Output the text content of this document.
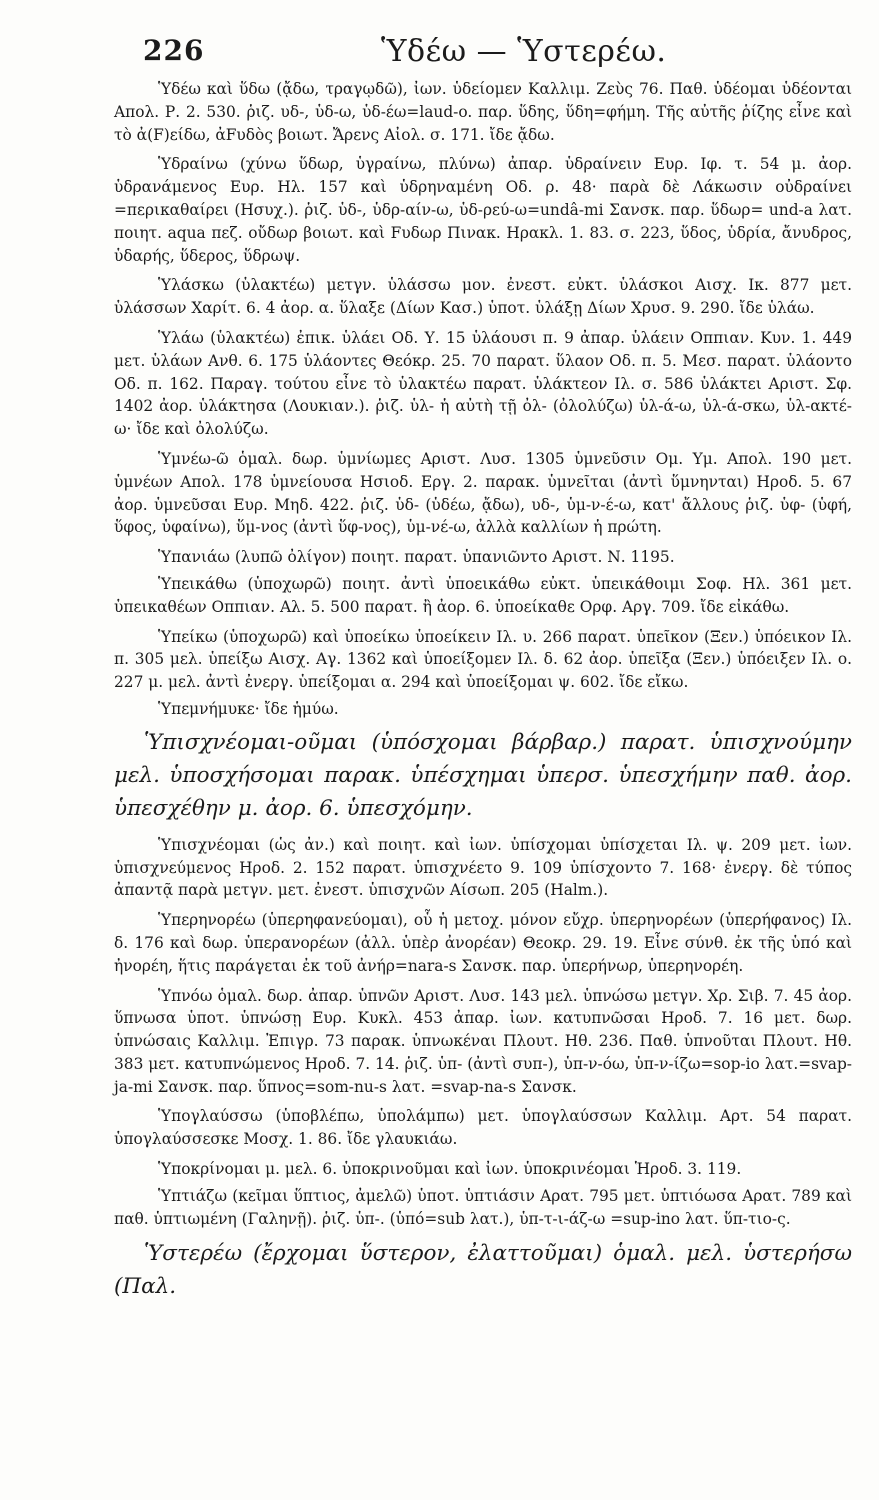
226	Ὑδέω — Ὑστερέω.

Ὑδέω καὶ ὕδω (ᾄδω, τραγῳδῶ), ἰων. ὑδείομεν Καλλιμ. Ζεὺς 76. Παθ. ὑδέομαι ὑδέονται Απολ. Ρ. 2. 530. ῥιζ. υδ-, ὑδ-ω, ὑδ-έω=laud-o. παρ. ὕδης, ὕδη=φήμη. Τῆς αὐτῆς ῥίζης εἶνε καὶ τὸ ἀ(F)είδω, ἀFυδὸς βοιωτ. Ἄρενς Αἰολ. σ. 171. ἴδε ᾄδω.

Ὑδραίνω (χύνω ὕδωρ, ὑγραίνω, πλύνω) ἀπαρ. ὑδραίνειν Ευρ. Ιφ. τ. 54 μ. ἀορ. ὑδρανάμενος Ευρ. Ηλ. 157 καὶ ὑδρηναμένη Οδ. ρ. 48· παρὰ δὲ Λάκωσιν οὐδραίνει =περικαθαίρει (Ησυχ.). ῥιζ. ὑδ-, ὑδρ-αίν-ω, ὑδ-ρεύ-ω=undâ-mi Σανσκ. παρ. ὕδωρ= und-a λατ. ποιητ. aqua πεζ. οὔδωρ βοιωτ. καὶ Fυδωρ Πινακ. Ηρακλ. 1. 83. σ. 223, ὕδος, ὑδρία, ἄνυδρος, ὑδαρής, ὕδερος, ὕδρωψ.

Ὑλάσκω (ὑλακτέω) μετγν. ὑλάσσω μον. ἐνεστ. εὐκτ. ὑλάσκοι Αισχ. Ικ. 877 μετ. ὑλάσσων Χαρίτ. 6. 4 ἀορ. α. ὕλαξε (Δίων Κασ.) ὑποτ. ὑλάξῃ Δίων Χρυσ. 9. 290. ἴδε ὑλάω.

Ὑλάω (ὑλακτέω) ἐπικ. ὑλάει Οδ. Υ. 15 ὑλάουσι π. 9 ἀπαρ. ὑλάειν Οππιαν. Κυν. 1. 449 μετ. ὑλάων Ανθ. 6. 175 ὑλάοντες Θεόκρ. 25. 70 παρατ. ὕλαον Οδ. π. 5. Μεσ. παρατ. ὑλάοντο Οδ. π. 162. Παραγ. τούτου εἶνε τὸ ὑλακτέω παρατ. ὑλάκτεον Ιλ. σ. 586 ὑλάκτει Αριστ. Σφ. 1402 ἀορ. ὑλάκτησα (Λουκιαν.). ῥιζ. ὑλ- ἡ αὐτὴ τῇ ὀλ- (ὀλολύζω) ὑλ-ά-ω, ὑλ-ά-σκω, ὑλ-ακτέ-ω· ἴδε καὶ ὀλολύζω.

Ὑμνέω-ῶ ὁμαλ. δωρ. ὑμνίωμες Αριστ. Λυσ. 1305 ὑμνεῦσιν Ομ. Υμ. Απολ. 190 μετ. ὑμνέων Απολ. 178 ὑμνείουσα Ησιοδ. Εργ. 2. παρακ. ὑμνεῖται (ἀντὶ ὕμνηνται) Ηροδ. 5. 67 ἀορ. ὑμνεῦσαι Ευρ. Μηδ. 422. ῥιζ. ὑδ- (ὑδέω, ᾄδω), υδ-, ὑμ-ν-έ-ω, κατ' ἄλλους ῥιζ. ὑφ- (ὑφή, ὕφος, ὑφαίνω), ὕμ-νος (ἀντὶ ὕφ-νος), ὑμ-νέ-ω, ἀλλὰ καλλίων ἡ πρώτη.

Ὑπανιάω (λυπῶ ὀλίγον) ποιητ. παρατ. ὑπανιῶντο Αριστ. Ν. 1195.

Ὑπεικάθω (ὑποχωρῶ) ποιητ. ἀντὶ ὑποεικάθω εὐκτ. ὑπεικάθοιμι Σοφ. Ηλ. 361 μετ. ὑπεικαθέων Οππιαν. Αλ. 5. 500 παρατ. ἢ ἀορ. 6. ὑποείκαθε Ορφ. Αργ. 709. ἴδε εἰκάθω.

Ὑπείκω (ὑποχωρῶ) καὶ ὑποείκω ὑποείκειν Ιλ. υ. 266 παρατ. ὑπεῖκον (Ξεν.) ὑπόεικον Ιλ. π. 305 μελ. ὑπείξω Αισχ. Αγ. 1362 καὶ ὑποείξομεν Ιλ. δ. 62 ἀορ. ὑπεῖξα (Ξεν.) ὑπόειξεν Ιλ. ο. 227 μ. μελ. ἀντὶ ἐνεργ. ὑπείξομαι α. 294 καὶ ὑποείξομαι ψ. 602. ἴδε εἴκω.

Ὑπεμνήμυκε· ἴδε ἡμύω.

Ὑπισχνέομαι-οῦμαι (ὑπόσχομαι βάρβαρ.) παρατ. ὑπισχνούμην μελ. ὑποσχήσομαι παρακ. ὑπέσχημαι ὑπερσ. ὑπεσχήμην παθ. ἀορ. ὑπεσχέθην μ. ἀορ. 6. ὑπεσχόμην.

Ὑπισχνέομαι (ὡς ἀν.) καὶ ποιητ. καὶ ἰων. ὑπίσχομαι ὑπίσχεται Ιλ. ψ. 209 μετ. ἰων. ὑπισχνεύμενος Ηροδ. 2. 152 παρατ. ὑπισχνέετο 9. 109 ὑπίσχοντο 7. 168· ἐνεργ. δὲ τύπος ἀπαντᾷ παρὰ μετγν. μετ. ἐνεστ. ὑπισχνῶν Αίσωπ. 205 (Halm.).

Ὑπερηνορέω (ὑπερηφανεύομαι), οὗ ἡ μετοχ. μόνον εὔχρ. ὑπερηνορέων (ὑπερήφανος) Ιλ. δ. 176 καὶ δωρ. ὑπερανορέων (ἀλλ. ὑπὲρ ἀνορέαν) Θεοκρ. 29. 19. Εἶνε σύνθ. ἐκ τῆς ὑπό καὶ ἠνορέη, ἥτις παράγεται ἐκ τοῦ ἀνήρ=nara-s Σανσκ. παρ. ὑπερήνωρ, ὑπερηνορέη.

Ὑπνόω ὁμαλ. δωρ. ἀπαρ. ὑπνῶν Αριστ. Λυσ. 143 μελ. ὑπνώσω μετγν. Χρ. Σιβ. 7. 45 ἀορ. ὕπνωσα ὑποτ. ὑπνώσῃ Ευρ. Κυκλ. 453 ἀπαρ. ἰων. κατυπνῶσαι Ηροδ. 7. 16 μετ. δωρ. ὑπνώσαις Καλλιμ. Ἐπιγρ. 73 παρακ. ὑπνωκέναι Πλουτ. Ηθ. 236. Παθ. ὑπνοῦται Πλουτ. Ηθ. 383 μετ. κατυπνώμενος Ηροδ. 7. 14. ῥιζ. ὑπ- (ἀντὶ συπ-), ὑπ-ν-όω, ὑπ-ν-ίζω=sop-io λατ.=svap-ja-mi Σανσκ. παρ. ὕπνος=som-nu-s λατ. =svap-na-s Σανσκ.

Ὑπογλαύσσω (ὑποβλέπω, ὑπολάμπω) μετ. ὑπογλαύσσων Καλλιμ. Αρτ. 54 παρατ. ὑπογλαύσσεσκε Μοσχ. 1. 86. ἴδε γλαυκιάω.

Ὑποκρίνομαι μ. μελ. 6. ὑποκρινοῦμαι καὶ ἰων. ὑποκρινέομαι Ἡροδ. 3. 119.

Ὑπτιάζω (κεῖμαι ὕπτιος, ἀμελῶ) ὑποτ. ὑπτιάσιν Αρατ. 795 μετ. ὑπτιόωσα Αρατ. 789 καὶ παθ. ὑπτιωμένη (Γαληνῇ). ῥιζ. ὑπ-. (ὑπό=sub λατ.), ὑπ-τ-ι-άζ-ω =sup-ino λατ. ὕπ-τιο-ς.

Ὑστερέω (ἔρχομαι ὕστερον, ἐλαττοῦμαι) ὁμαλ. μελ. ὑστερήσω (Παλ.
